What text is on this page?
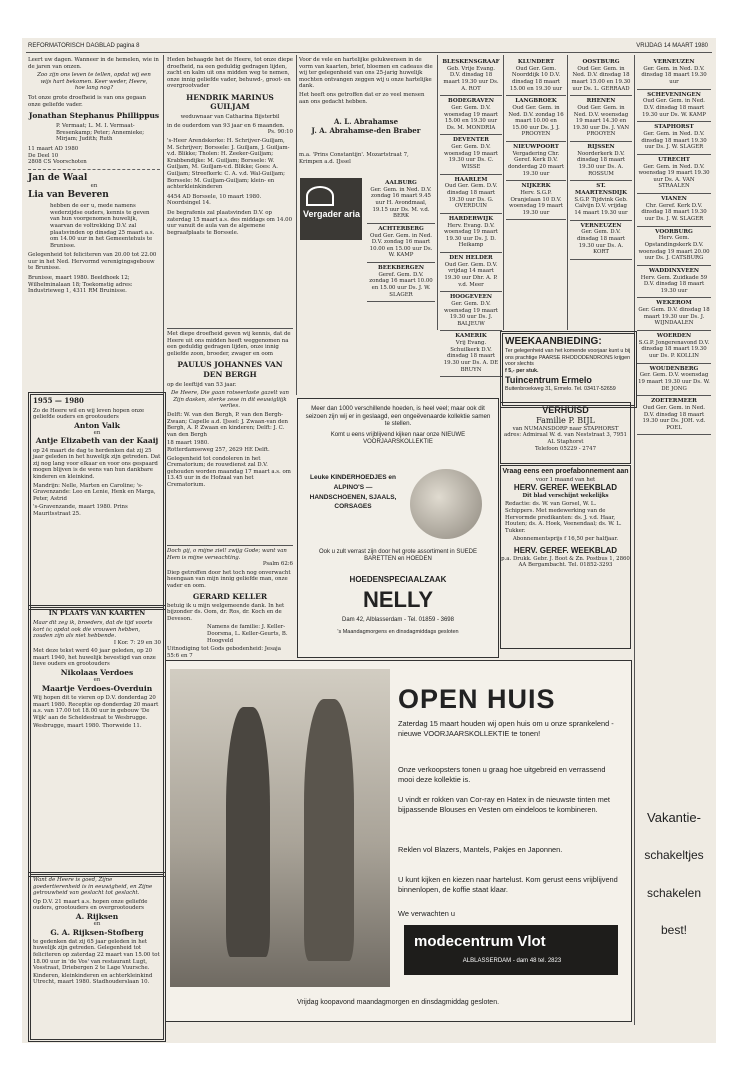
REFORMATORISCH DAGBLAD pagina 8	VRIJDAG 14 MAART 1980
Leert uw dagen. Wanneer in de hemelen, wie in de jaren van onzen.
Zoo zijn ons leven te tellen, opdat wij een wijs hart bekomen. Keer weder, Heere, hoe lang nog?
Tot onze grote droefheid is van ons gegaan onze geliefde vader.
Jonathan Stephanus Phillippus
P. Vermaat; L. M. I. Vermaat-Bresenkamp; Peter; Annemieke; Mirjam; Judith; Ruth
11 maart AD 1980
De Deel 10
2808 CS Voorschoten
Jan de Waal
en
Lia van Beveren
hebben de eer u, mede namens wederzijdse ouders, kennis te geven van hun voorgenomen huwelijk, waarvan de voltrekking D.V. zal plaatsvinden op dinsdag 25 maart a.s. om 14.00 uur in het Gemeentehuis te Brunisse.
Gelegenheid tot feliciteren van 20.00 tot 22.00 uur in het Ned. Hervormd verenigingsgebouw te Brunisse.
Brunisse, maart 1980. Beeldhoek 12; Wilhelminalaan 18; Toekomstig adres: Industrieweg 1, 4311 RM Bruinisse.
1955 — 1980
Zo de Heere wil en wij leven hopen onze geliefde ouders en grootouders
Anton Valk
en
Antje Elizabeth van der Kaaij
op 24 maart de dag te herdenken dat zij 25 jaar geleden in het huwelijk zijn getreden. Dat zij nog lang voor elkaar en voor ons gespaard mogen blijven is de wens van hun dankbare kinderen en kleinkind.
Mandrijn: Nelle, Marten en Caroline; 's-Gravenzande: Leo en Lenie, Henk en Marga, Peter, Astrid
's-Gravenzande, maart 1980. Prins Mauritsstraat 25.
IN PLAATS VAN KAARTEN
Maar dit zeg ik, broeders, dat de tijd voorts kort is; opdat ook die vrouwen hebben, zouden zijn als niet hebbende.
I Kor. 7: 29 en 30
Met deze tekst werd 40 jaar geleden, op 20 maart 1940, het huwelijk bevestigd van onze lieve ouders en grootouders
Nikolaas Verdoes
en
Maartje Verdoes-Overduin
Wij hopen dit te vieren op D.V. donderdag 20 maart 1980. Receptie op donderdag 20 maart a.s. van 17.00 tot 18.00 uur in gebouw 'De Wijk' aan de Scheldestraat te Wesbrugge.
Wesbrugge, maart 1980. Thorweide 11.
Want de Heere is goed, Zijne goedertierenheid is in eeuwigheid, en Zijne getrouwheid van geslacht tot geslacht.
Op D.V. 21 maart a.s. hopen onze geliefde ouders, grootouders en overgrootouders
A. Rijksen
en
G. A. Rijksen-Stofberg
te gedenken dat zij 65 jaar geleden in het huwelijk zijn getreden. Gelegenheid tot feliciteren op zaterdag 22 maart van 15.00 tot 18.00 uur in 'de Vos' van restaurant Lugt, Vosstraat, Driebergen 2 te Lage Vuursche.
Kinderen, kleinkinderen en achterkleinkind
Utrecht, maart 1980. Stadhouderslaan 10.
Heden behaagde het de Heere, tot onze diepe droefheid, na een geduldig gedragen lijden, zacht en kalm uit ons midden weg te nemen, onze innig geliefde vader, behuwd-, groot- en overgrootvader
HENDRIK MARINUS GUILJAM
weduwnaar van Catharina Bijsterbil
in de ouderdom van 93 jaar en 6 maanden.
Ps. 90:10
's-Heer Arendskerke: H. Schrijver-Guiljam, M. Schrijver; Borssele: J. Guiljam, J. Guiljam-v.d. Blikke; Tholen: H. Zeeker-Guiljam; Krabbendijke: M. Guiljam; Borssele: W. Guiljam, M. Guiljam-v.d. Blikke; Goes: A. Guiljam; Streefkerk: C. A. v.d. Wal-Guiljam; Borssele: M. Guiljam-Guiljam; klein- en achterkleinkinderen
4454 AD Borssele, 10 maart 1980. Noordsingel 14.
De begrafenis zal plaatsvinden D.V. op zaterdag 15 maart a.s. des middags om 14.00 uur vanuit de aula van de algemene begraafplaats te Borssele.
Met diepe droefheid geven wij kennis, dat de Heere uit ons midden heeft weggenomen na een geduldig gedragen lijden, onze innig geliefde zoon, broeder, zwager en oom
PAULUS JOHANNES VAN DEN BERGH
op de leeftijd van 53 jaar.
De Heere, Die gaan rotseerlaste gazelt van Zijn dasken, sterke zese in dit eeuwigliijk verlies.
Delft: W. van den Bergh, P. van den Bergh-Zwaan; Capelle a.d. IJssel: J. Zwaan-van den Bergh, A. P. Zwaan en kinderen; Delft: J. C. van den Bergh
18 maart 1980.
Rotterdamseweg 257, 2629 HE Delft.
Gelegenheid tot condoleren in het Crematorium; de rouwdienst zal D.V. gehouden worden maandag 17 maart a.s. om 13.45 uur in de Hofzaal van het Crematorium.
Doch gij, o mijne ziel! zwijg Gode; want van Hem is mijne verwachting.
Psalm 62:6
Diep getroffen door het toch nog onverwacht heengaan van mijn innig geliefde man, onze vader en oom.
GERARD KELLER
betuig ik u mijn welgemeende dank. In het bijzonder ds. Oom, dr. Ros, dr. Koch en de Deveson.
Namens de familie: J. Keller-Doorsma, L. Keller-Geurts, B. Hoogveld
Uitnodiging tot Gods gebodenheid: Jesaja 55:6 en 7
Voor de vele en hartelijke gelukwensen in de vorm van kaarten, brief, bloemen en cadeaus die wij ter gelegenheid van ons 25-jarig huwelijk mochten ontvangen zeggen wij u onze hartelijke dank.
Het heeft ons getroffen dat er zo veel mensen aan ons gedacht hebben.
A. L. Abrahamse
J. A. Abrahamse-den Braber
m.a. 'Prins Constantijn'. Mozartstraat 7, Krimpen a.d. IJssel
Vergader aria
AALBURG
Ger. Gem. in Ned. D.V. zondag 16 maart 9.45 uur H. Avondmaal, 19.15 uur Ds. M. v.d. BERK
ACHTERBERG
Oud Ger. Gem. in Ned. D.V. zondag 16 maart 10.00 en 15.00 uur Ds. W. KAMP
BEEKBERGEN
Geref. Gem. D.V. zondag 16 maart 10.00 en 15.00 uur Ds. J. W. SLAGER
BLESKENSGRAAF
Geb. Vrije Evang. D.V. dinsdag 18 maart 19.30 uur Ds. A. ROT
BODEGRAVEN
Ger. Gem. D.V. woensdag 19 maart 15.00 en 19.30 uur Ds. M. MONDRIA
DEVENTER
Ger. Gem. D.V. woensdag 19 maart 19.30 uur Ds. C. WISSE
HAARLEM
Oud Ger. Gem. D.V. dinsdag 18 maart 19.30 uur Ds. G. OVERDUIN
HARDERWIJK
Herv. Evang. D.V. woensdag 19 maart 19.30 uur Ds. J. D. Heikamp
DEN HELDER
Oud Ger. Gem. D.V. vrijdag 14 maart 19.30 uur Dhr. A. P. v.d. Meer
HOOGEVEEN
Ger. Gem. D.V. woensdag 19 maart 19.30 uur Ds. J. BALJEUW
KAMERIK
Vrij Evang. Schuilkerk D.V. dinsdag 18 maart 19.30 uur Ds. A. DE BRUYN
KLUNDERT
Oud Ger. Gem. Noorddijk 10 D.V. dinsdag 18 maart 15.00 en 19.30 uur
LANGBROEK
Oud Ger. Gem. in Ned. D.V. zondag 16 maart 10.00 en 15.00 uur Ds. J. J. PROOYEN
NIEUWPOORT
Vergadering Chr. Geref. Kerk D.V. donderdag 20 maart 19.30 uur
NIJKERK
Herv. S.G.P. Oranjelaan 10 D.V. woensdag 19 maart 19.30 uur
OOSTBURG
Oud Ger. Gem. in Ned. D.V. dinsdag 18 maart 15.00 en 19.30 uur Ds. L. GERRAAD
RHENEN
Oud Ger. Gem. in Ned. D.V. woensdag 19 maart 14.30 en 19.30 uur Ds. J. VAN PROOYEN
RIJSSEN
Noorderkerk D.V. dinsdag 18 maart 19.30 uur Ds. A. ROSSUM
ST. MAARTENSDIJK
S.G.P. Tijdvink Geb. Calvijn D.V. vrijdag 14 maart 19.30 uur
VERNEUZEN
Ger. Gem. D.V. dinsdag 18 maart 19.30 uur Ds. A. KORT
Meer dan 1000 verschillende hoeden, is heel veel; maar ook dit seizoen zijn wij er in geslaagd, een ongeëvenaarde kollektie samen te stellen.
Komt u eens vrijblijvend kijken naar onze NIEUWE VOORJAARSKOLLEKTIE
Leuke KINDERHOEDJES en ALPINO'S — HANDSCHOENEN, SJAALS, CORSAGES
Ook u zult verrast zijn door het grote assortiment in SUEDE BARETTEN en HOEDEN
HOEDENSPECIAALZAAK
NELLY
Dam 42, Alblasserdam - Tel. 01859 - 3698
's Maandagmorgens en dinsdagmiddags gesloten
WEEKAANBIEDING:
Ter gelegenheid van het komende voorjaar kunt u bij ons prachtige PAARSE RHODODENDRONS krijgen voor slechts
f 5,- per stuk.
Tuincentrum Ermelo
Buitenbroekweg 31, Ermelo. Tel. 03417-52659
VERHUISD
Familie P. BIJL
van NUMANSDORP naar STAPHORST
adres: Admiraal W. d. van Neststraat 3, 7951 AL Staphorst
Telefoon 05229 - 2747
Vraag eens een proefabonnement aan
voor 1 maand van het
HERV. GEREF. WEEKBLAD
Dit blad verschijnt wekelijks
Redactie: ds. W. van Gorsel, W. L. Schippers. Met medewerking van de Hervormde predikanten: ds. J. v.d. Haar, Houten; ds. A. Hoek, Veenendaal; ds. W. L. Tukker.
Abonnementsprijs f 16,50 per halfjaar.
HERV. GEREF. WEEKBLAD
p.a. Drukk. Gebr. J. Boot & Zn. Postbus 1, 2860 AA Bergambacht. Tel. 01852-3293
OPEN HUIS
Zaterdag 15 maart houden wij open huis om u onze sprankelend - nieuwe VOORJAARSKOLLEKTIE te tonen!
Onze verkoopsters tonen u graag hoe uitgebreid en verrassend mooi deze kollektie is.
U vindt er rokken van Cor-ray en Hatex in de nieuwste tinten met bijpassende Blouses en Vesten om eindeloos te kombineren.
Reklen vol Blazers, Mantels, Pakjes en Japonnen.
U kunt kijken en kiezen naar hartelust. Kom gerust eens vrijblijvend binnenlopen, de koffie staat klaar.
We verwachten u
modecentrum Vlot
ALBLASSERDAM - dam 48 tel. 2823
Vrijdag koopavond maandagmorgen en dinsdagmiddag gesloten.
VERNEUZEN
Ger. Gem. in Ned. D.V. dinsdag 18 maart 19.30 uur
SCHEVENINGEN
Oud Ger. Gem. in Ned. D.V. dinsdag 18 maart 19.30 uur Ds. W. KAMP
STAPHORST
Ger. Gem. in Ned. D.V. dinsdag 18 maart 19.30 uur Ds. J. W. SLAGER
UTRECHT
Ger. Gem. in Ned. D.V. woensdag 19 maart 19.30 uur Ds. A. VAN STRAALEN
VIANEN
Chr. Geref. Kerk D.V. dinsdag 18 maart 19.30 uur Ds. J. W. SLAGER
VOORBURG
Herv. Gem. Opstandingskerk D.V. woensdag 19 maart 20.00 uur Ds. J. CATSBURG
WADDINXVEEN
Herv. Gem. Zuidkade 59 D.V. dinsdag 18 maart 19.30 uur
WEKEROM
Ger. Gem. D.V. dinsdag 18 maart 19.30 uur Ds. J. WIJNDAALEN
WOERDEN
S.G.P. Jongerenavond D.V. dinsdag 18 maart 19.30 uur Ds. P. KOLLIN
WOUDENBERG
Ger. Gem. D.V. woensdag 19 maart 19.30 uur Ds. W. DE JONG
ZOETERMEER
Oud Ger. Gem. in Ned. D.V. dinsdag 18 maart 19.30 uur Ds. JOH. v.d. POEL
Vakantie-
schakeltjes
schakelen
best!
